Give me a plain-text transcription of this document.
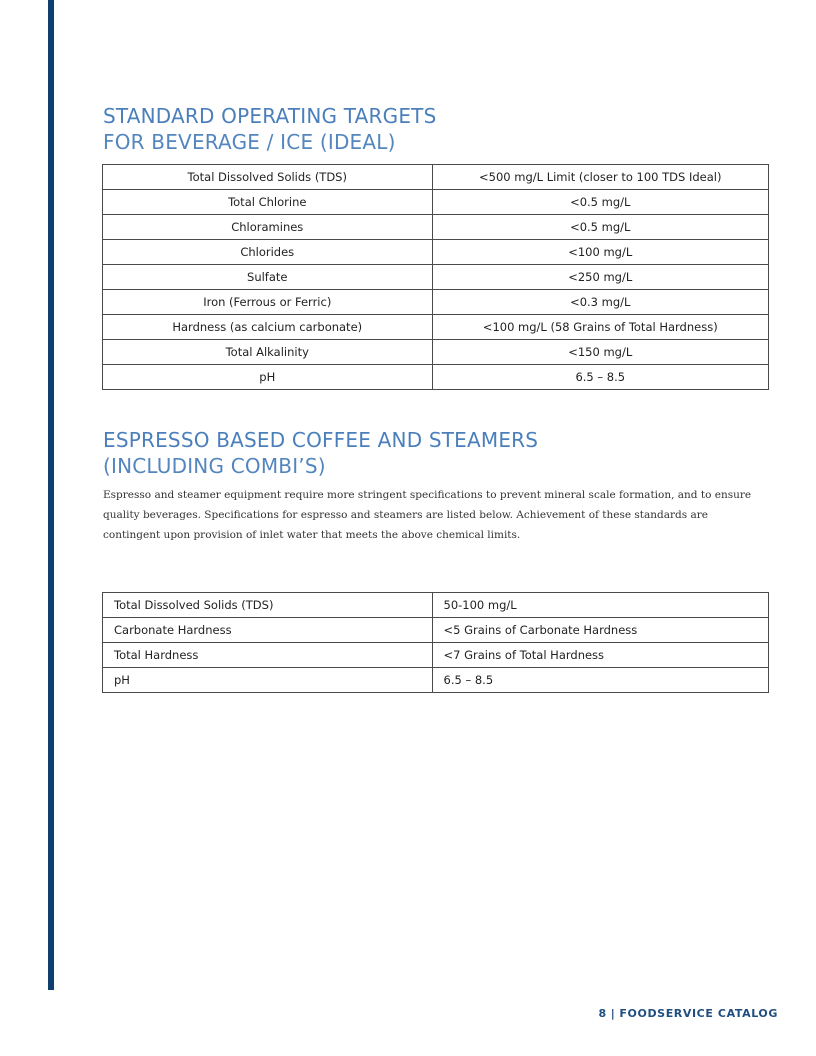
STANDARD OPERATING TARGETS
FOR BEVERAGE / ICE (IDEAL)
Total Dissolved Solids (TDS)	<500 mg/L Limit (closer to 100 TDS Ideal)
Total Chlorine	<0.5 mg/L
Chloramines	<0.5 mg/L
Chlorides	<100 mg/L
Sulfate	<250 mg/L
Iron (Ferrous or Ferric)	<0.3 mg/L
Hardness (as calcium carbonate)	<100 mg/L (58 Grains of Total Hardness)
Total Alkalinity	<150 mg/L
pH	6.5 – 8.5
ESPRESSO BASED COFFEE AND STEAMERS
(INCLUDING COMBI’S)

Espresso and steamer equipment require more stringent specifications to prevent mineral scale formation, and to ensure quality beverages. Specifications for espresso and steamers are listed below. Achievement of these standards are contingent upon provision of inlet water that meets the above chemical limits.

Total Dissolved Solids (TDS)	50-100 mg/L
Carbonate Hardness	<5 Grains of Carbonate Hardness
Total Hardness	<7 Grains of Total Hardness
pH	6.5 – 8.5
8 | FOODSERVICE CATALOG
